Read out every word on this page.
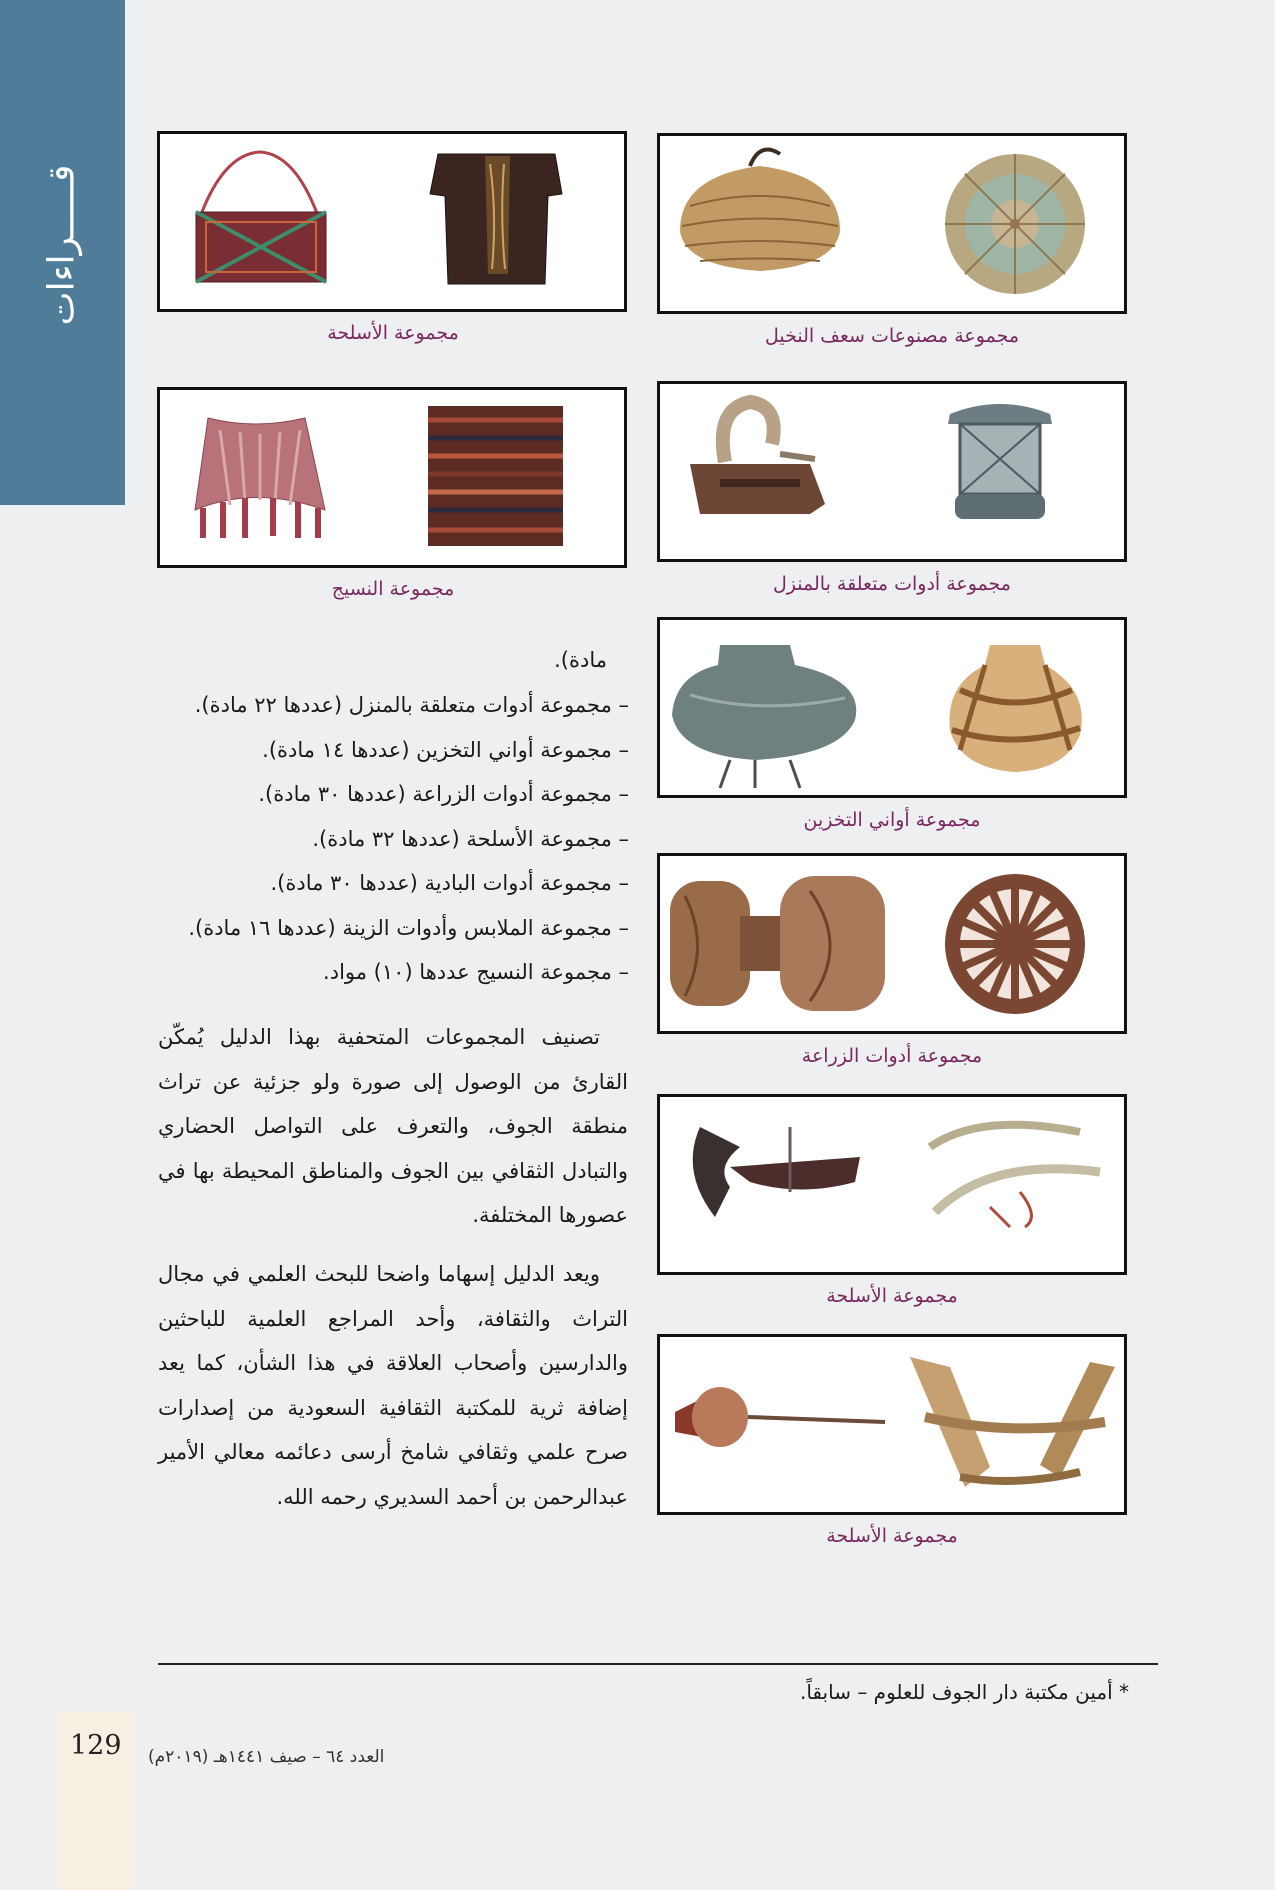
قـــــراءات
مجموعة الأسلحة
مجموعة النسيج
مجموعة مصنوعات سعف النخيل
مجموعة أدوات متعلقة بالمنزل
مجموعة أواني التخزين
مجموعة أدوات الزراعة
مجموعة الأسلحة
مجموعة الأسلحة
مادة).
– مجموعة أدوات متعلقة بالمنزل (عددها ٢٢ مادة).
– مجموعة أواني التخزين (عددها ١٤ مادة).
– مجموعة أدوات الزراعة (عددها ٣٠ مادة).
– مجموعة الأسلحة (عددها ٣٢ مادة).
– مجموعة أدوات البادية (عددها ٣٠ مادة).
– مجموعة الملابس وأدوات الزينة (عددها ١٦ مادة).
– مجموعة النسيج عددها (١٠) مواد.
تصنيف المجموعات المتحفية بهذا الدليل يُمكّن القارئ من الوصول إلى صورة ولو جزئية عن تراث منطقة الجوف، والتعرف على التواصل الحضاري والتبادل الثقافي بين الجوف والمناطق المحيطة بها في عصورها المختلفة.
ويعد الدليل إسهاما واضحا للبحث العلمي في مجال التراث والثقافة، وأحد المراجع العلمية للباحثين والدارسين وأصحاب العلاقة في هذا الشأن، كما يعد إضافة ثرية للمكتبة الثقافية السعودية من إصدارات صرح علمي وثقافي شامخ أرسى دعائمه معالي الأمير عبدالرحمن بن أحمد السديري رحمه الله.
* أمين مكتبة دار الجوف للعلوم – سابقاً.
129 العدد ٦٤ – صيف ١٤٤١هـ (٢٠١٩م)
